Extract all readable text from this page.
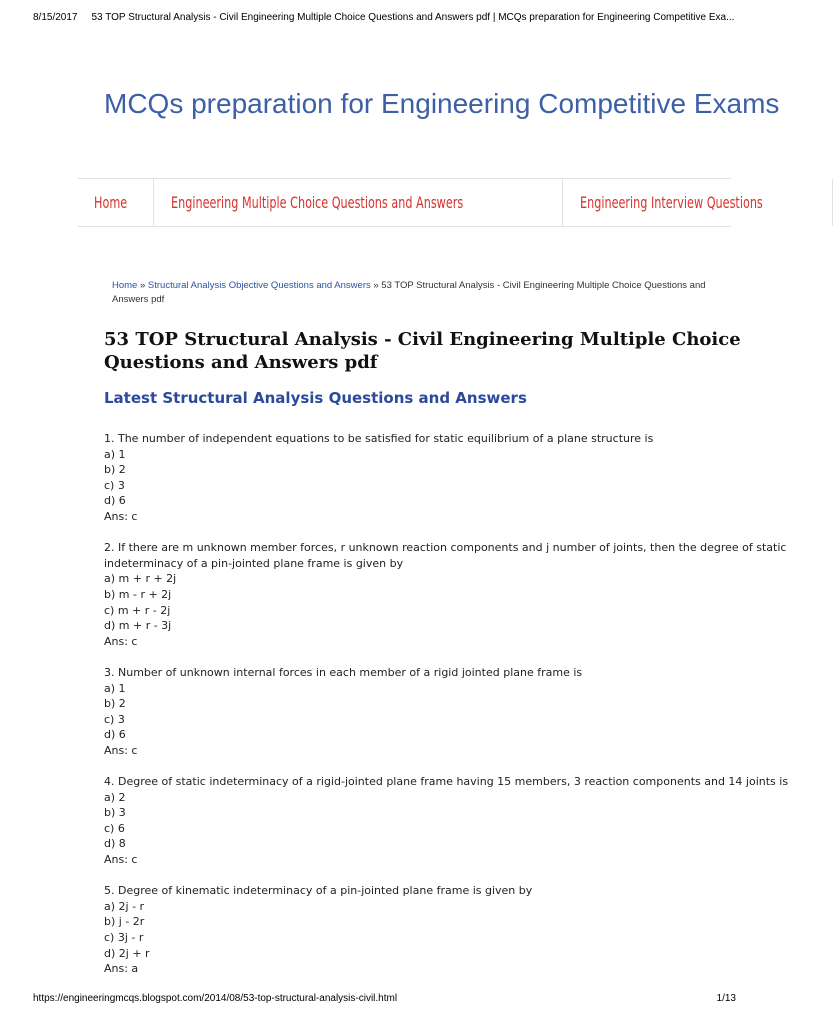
8/15/2017 53 TOP Structural Analysis - Civil Engineering Multiple Choice Questions and Answers pdf | MCQs preparation for Engineering Competitive Exa...
MCQs preparation for Engineering Competitive Exams
Home	Engineering Multiple Choice Questions and Answers	Engineering Interview Questions
Home » Structural Analysis Objective Questions and Answers » 53 TOP Structural Analysis - Civil Engineering Multiple Choice Questions and Answers pdf
53 TOP Structural Analysis - Civil Engineering Multiple Choice
Questions and Answers pdf
Latest Structural Analysis Questions and Answers
1. The number of independent equations to be satisfied for static equilibrium of a plane structure is
a) 1
b) 2
c) 3
d) 6
Ans: c
2. If there are m unknown member forces, r unknown reaction components and j number of joints, then the degree of static
indeterminacy of a pin-jointed plane frame is given by
a) m + r + 2j
b) m - r + 2j
c) m + r - 2j
d) m + r - 3j
Ans: c
3. Number of unknown internal forces in each member of a rigid jointed plane frame is
a) 1
b) 2
c) 3
d) 6
Ans: c
4. Degree of static indeterminacy of a rigid-jointed plane frame having 15 members, 3 reaction components and 14 joints is
a) 2
b) 3
c) 6
d) 8
Ans: c
5. Degree of kinematic indeterminacy of a pin-jointed plane frame is given by
a) 2j - r
b) j - 2r
c) 3j - r
d) 2j + r
Ans: a
https://engineeringmcqs.blogspot.com/2014/08/53-top-structural-analysis-civil.html	1/13
